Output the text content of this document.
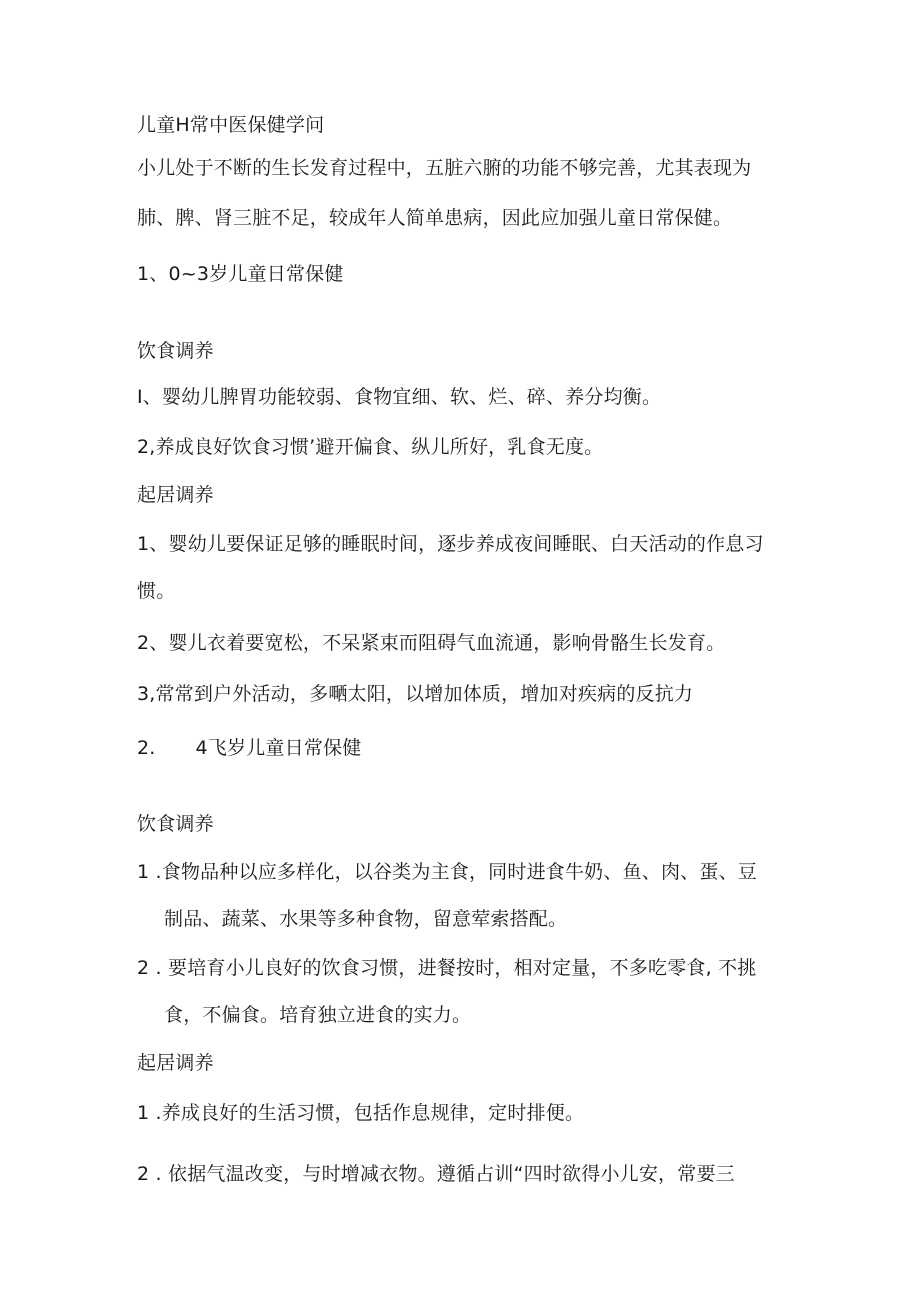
儿童H常中医保健学问
小儿处于不断的生长发育过程中，五脏六腑的功能不够完善，尤其表现为
肺、脾、肾三脏不足，较成年人简单患病，因此应加强儿童日常保健。
1、0~3岁儿童日常保健
饮食调养
I、婴幼儿脾胃功能较弱、食物宜细、软、烂、碎、养分均衡。
2,养成良好饮食习惯’避开偏食、纵儿所好，乳食无度。
起居调养
1、婴幼儿要保证足够的睡眠时间，逐步养成夜间睡眠、白天活动的作息习
惯。
2、婴儿衣着要宽松，不呆紧束而阻碍气血流通，影响骨骼生长发育。
3,常常到户外活动，多嗮太阳，以增加体质，增加对疾病的反抗力
2. 4飞岁儿童日常保健
饮食调养
1 .食物品种以应多样化，以谷类为主食，同时进食牛奶、鱼、肉、蛋、豆
制品、蔬菜、水果等多种食物，留意荤索搭配。
2 . 要培育小儿良好的饮食习惯，进餐按时，相对定量，不多吃零食, 不挑
食，不偏食。培育独立进食的实力。
起居调养
1 .养成良好的生活习惯，包括作息规律，定时排便。
2 . 依据气温改变，与时增减衣物。遵循占训“四时欲得小儿安，常要三
